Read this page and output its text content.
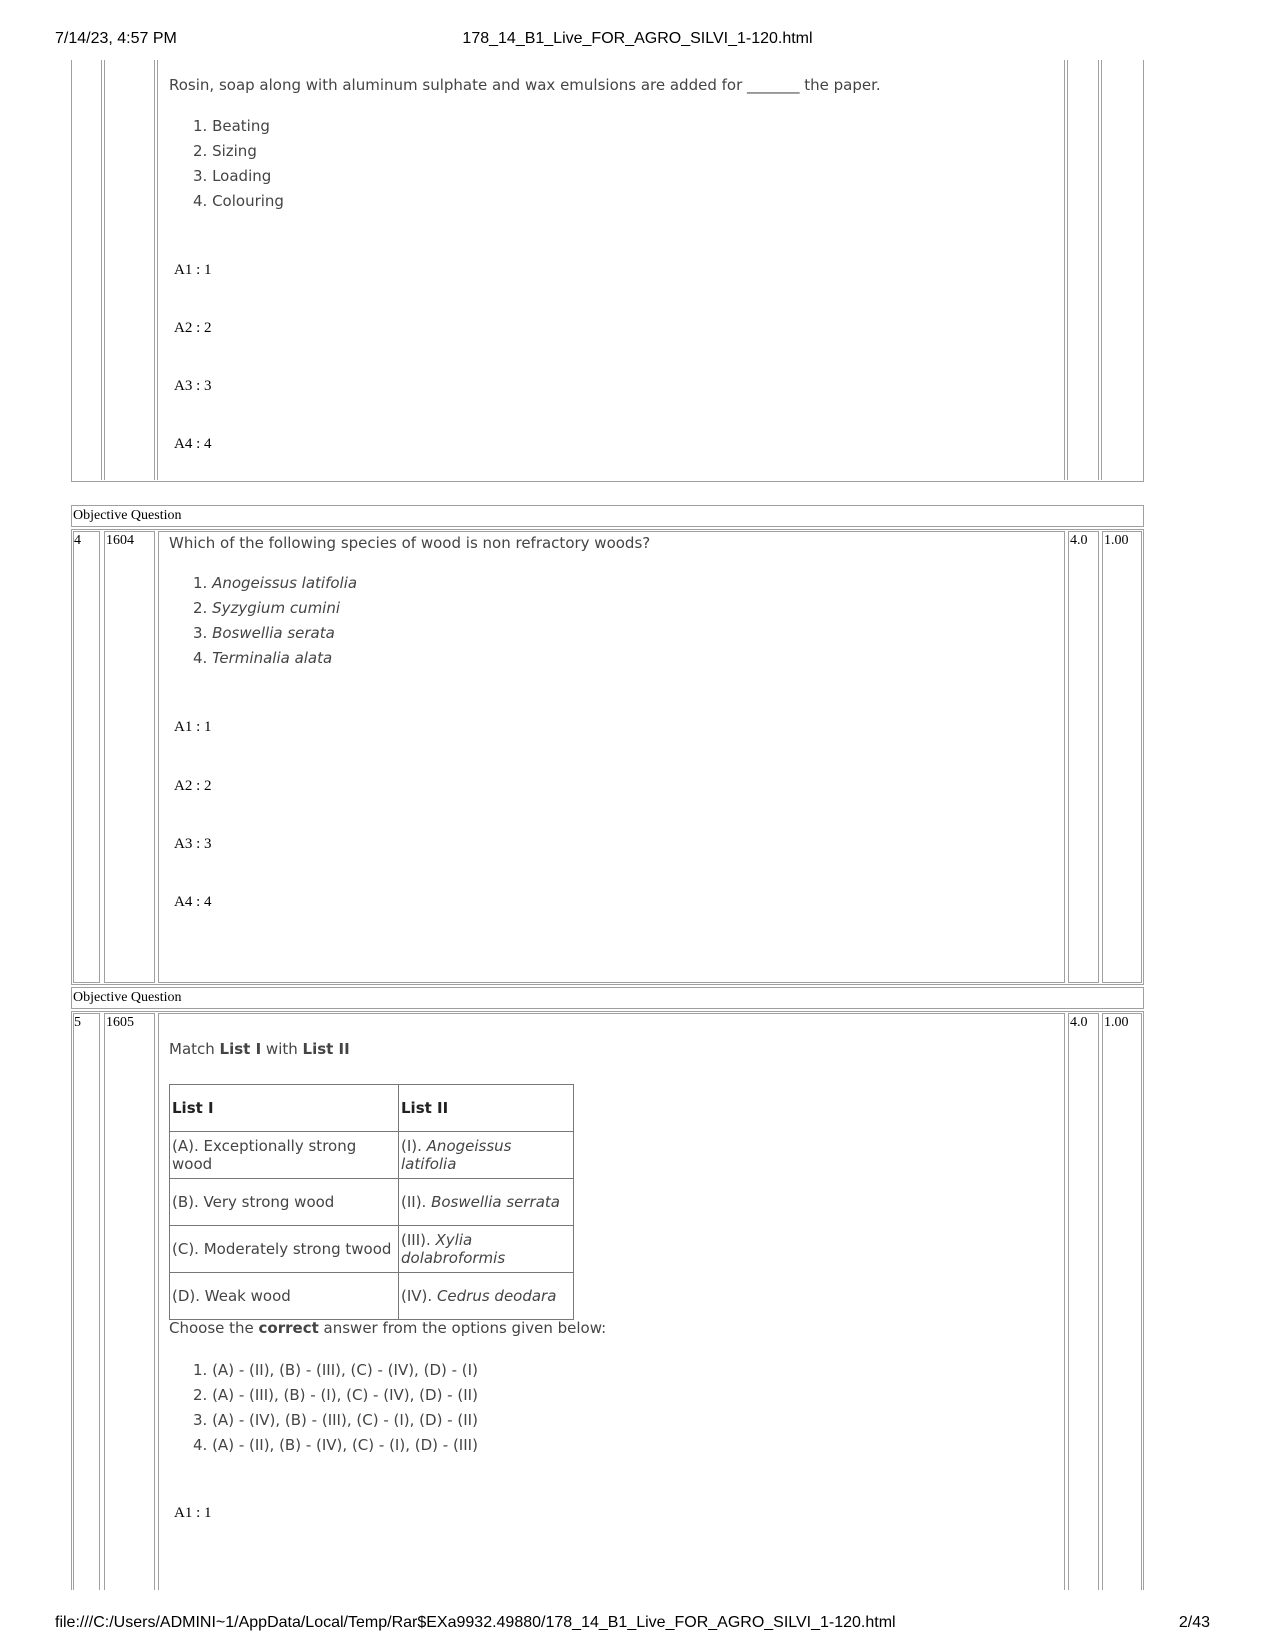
7/14/23, 4:57 PM	178_14_B1_Live_FOR_AGRO_SILVI_1-120.html
Rosin, soap along with aluminum sulphate and wax emulsions are added for _______ the paper.
1. Beating
2. Sizing
3. Loading
4. Colouring
A1 : 1
A2 : 2
A3 : 3
A4 : 4
Objective Question
4 1604	4.0 1.00
Which of the following species of wood is non refractory woods?
1. Anogeissus latifolia
2. Syzygium cumini
3. Boswellia serata
4. Terminalia alata
A1 : 1
A2 : 2
A3 : 3
A4 : 4
Objective Question
5 1605	4.0 1.00
Match List I with List II
List I	List II
(A). Exceptionally strong wood	(I). Anogeissus latifolia
(B). Very strong wood	(II). Boswellia serrata
(C). Moderately strong twood	(III). Xylia dolabroformis
(D). Weak wood	(IV). Cedrus deodara
Choose the correct answer from the options given below:
1. (A) - (II), (B) - (III), (C) - (IV), (D) - (I)
2. (A) - (III), (B) - (I), (C) - (IV), (D) - (II)
3. (A) - (IV), (B) - (III), (C) - (I), (D) - (II)
4. (A) - (II), (B) - (IV), (C) - (I), (D) - (III)
A1 : 1
file:///C:/Users/ADMINI~1/AppData/Local/Temp/Rar$EXa9932.49880/178_14_B1_Live_FOR_AGRO_SILVI_1-120.html	2/43
